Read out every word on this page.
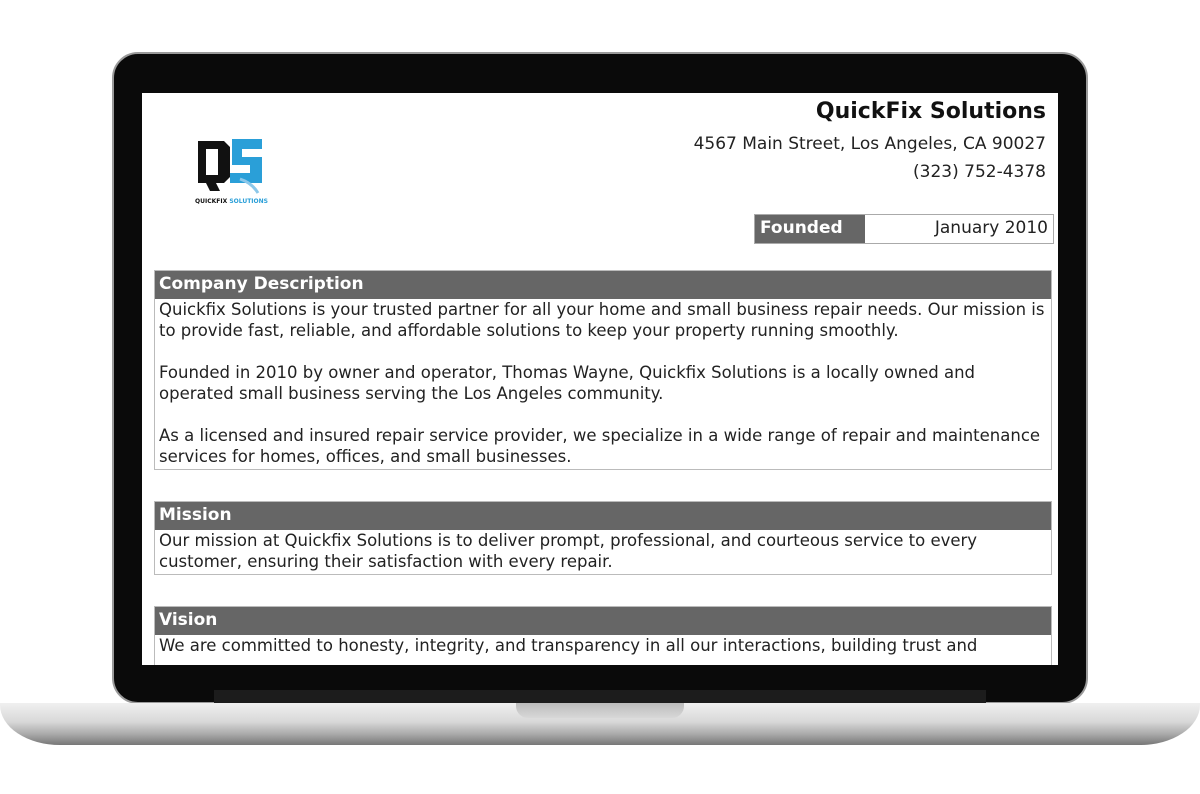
QUICKFIX SOLUTIONS
QuickFix Solutions
4567 Main Street, Los Angeles, CA 90027
(323) 752-4378
Founded	January 2010
Company Description

Quickfix Solutions is your trusted partner for all your home and small business repair needs. Our mission is to provide fast, reliable, and affordable solutions to keep your property running smoothly.

Founded in 2010 by owner and operator, Thomas Wayne, Quickfix Solutions is a locally owned and operated small business serving the Los Angeles community.

As a licensed and insured repair service provider, we specialize in a wide range of repair and maintenance services for homes, offices, and small businesses.

Mission

Our mission at Quickfix Solutions is to deliver prompt, professional, and courteous service to every customer, ensuring their satisfaction with every repair.

Vision

We are committed to honesty, integrity, and transparency in all our interactions, building trust and
